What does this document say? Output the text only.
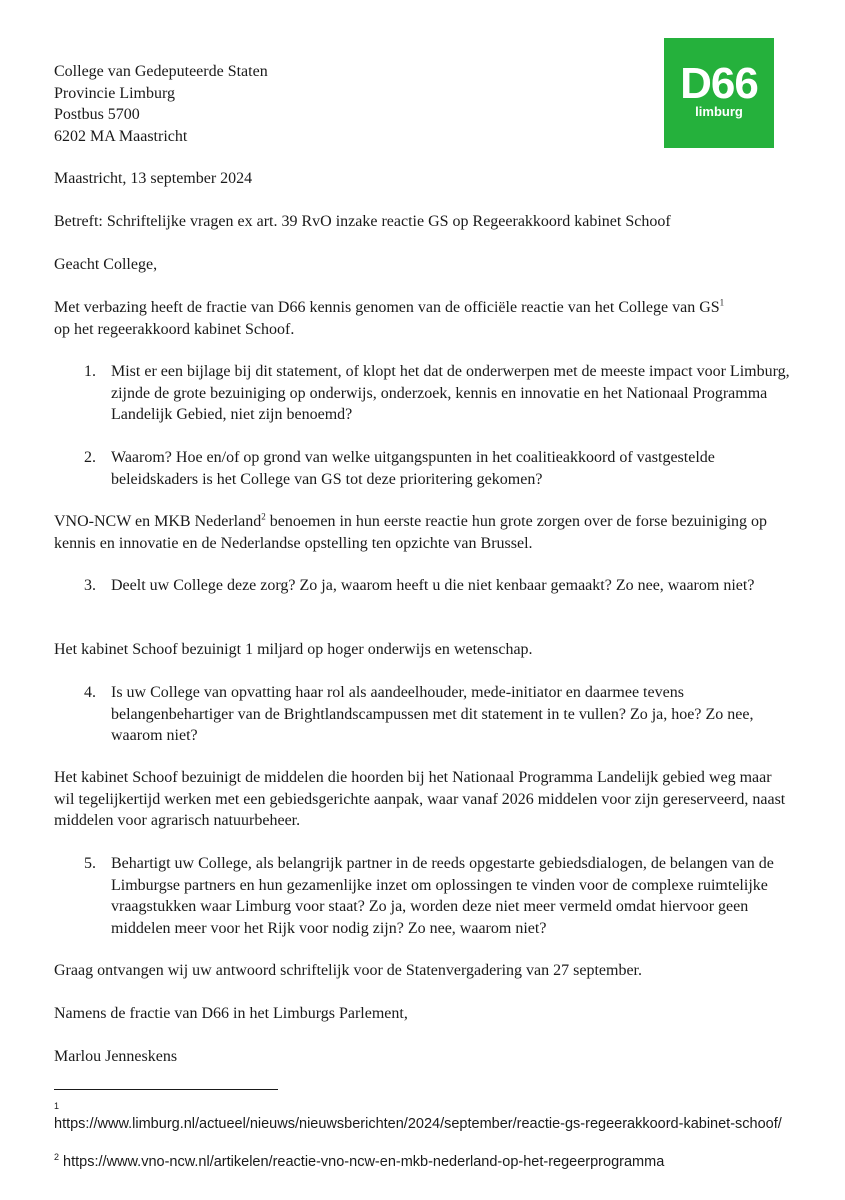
D66
limburg
College van Gedeputeerde Staten
Provincie Limburg
Postbus 5700
6202 MA Maastricht
Maastricht, 13 september 2024
Betreft: Schriftelijke vragen ex art. 39 RvO inzake reactie GS op Regeerakkoord kabinet Schoof
Geacht College,
Met verbazing heeft de fractie van D66 kennis genomen van de officiële reactie van het College van $GS^1$
op het regeerakkoord kabinet Schoof.
1. Mist er een bijlage bij dit statement, of klopt het dat de onderwerpen met de meeste impact voor Limburg, zijnde de grote bezuiniging op onderwijs, onderzoek, kennis en innovatie en het Nationaal Programma Landelijk Gebied, niet zijn benoemd?
2. Waarom? Hoe en/of op grond van welke uitgangspunten in het coalitieakkoord of vastgestelde beleidskaders is het College van GS tot deze prioritering gekomen?
VNO-NCW en MKB Nederland$^2$ benoemen in hun eerste reactie hun grote zorgen over de forse bezuiniging op kennis en innovatie en de Nederlandse opstelling ten opzichte van Brussel.
3. Deelt uw College deze zorg? Zo ja, waarom heeft u die niet kenbaar gemaakt? Zo nee, waarom niet?
Het kabinet Schoof bezuinigt 1 miljard op hoger onderwijs en wetenschap.
4. Is uw College van opvatting haar rol als aandeelhouder, mede-initiator en daarmee tevens belangenbehartiger van de Brightlandscampussen met dit statement in te vullen? Zo ja, hoe? Zo nee, waarom niet?
Het kabinet Schoof bezuinigt de middelen die hoorden bij het Nationaal Programma Landelijk gebied weg maar wil tegelijkertijd werken met een gebiedsgerichte aanpak, waar vanaf 2026 middelen voor zijn gereserveerd, naast middelen voor agrarisch natuurbeheer.
5. Behartigt uw College, als belangrijk partner in de reeds opgestarte gebiedsdialogen, de belangen van de Limburgse partners en hun gezamenlijke inzet om oplossingen te vinden voor de complexe ruimtelijke vraagstukken waar Limburg voor staat? Zo ja, worden deze niet meer vermeld omdat hiervoor geen middelen meer voor het Rijk voor nodig zijn? Zo nee, waarom niet?
Graag ontvangen wij uw antwoord schriftelijk voor de Statenvergadering van 27 september.
Namens de fractie van D66 in het Limburgs Parlement,
Marlou Jenneskens
1
https://www.limburg.nl/actueel/nieuws/nieuwsberichten/2024/september/reactie-gs-regeerakkoord-kabinet-schoof/
$^2$ https://www.vno-ncw.nl/artikelen/reactie-vno-ncw-en-mkb-nederland-op-het-regeerprogramma
